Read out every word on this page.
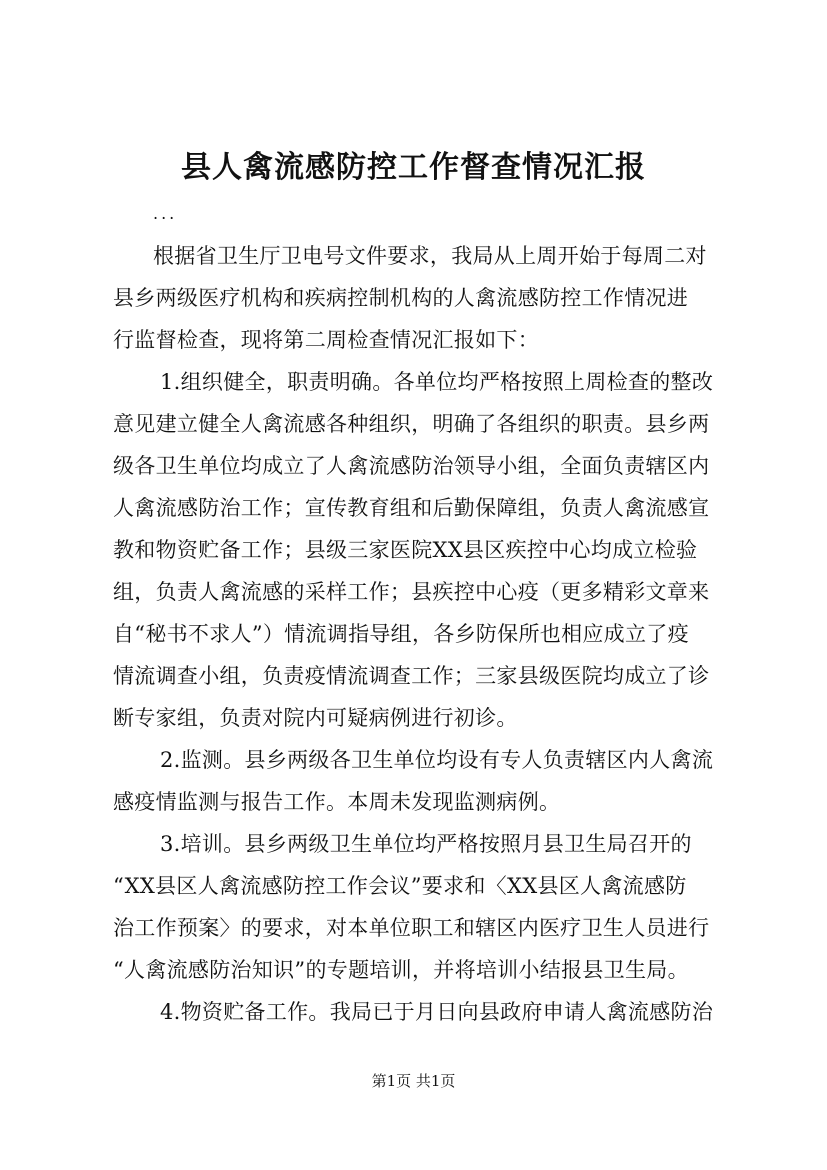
县人禽流感防控工作督查情况汇报
...
根据省卫生厅卫电号文件要求，我局从上周开始于每周二对
县乡两级医疗机构和疾病控制机构的人禽流感防控工作情况进
行监督检查，现将第二周检查情况汇报如下：
1.组织健全，职责明确。各单位均严格按照上周检查的整改
意见建立健全人禽流感各种组织，明确了各组织的职责。县乡两
级各卫生单位均成立了人禽流感防治领导小组，全面负责辖区内
人禽流感防治工作；宣传教育组和后勤保障组，负责人禽流感宣
教和物资贮备工作；县级三家医院XX县区疾控中心均成立检验
组，负责人禽流感的采样工作；县疾控中心疫（更多精彩文章来
自“秘书不求人”）情流调指导组，各乡防保所也相应成立了疫
情流调查小组，负责疫情流调查工作；三家县级医院均成立了诊
断专家组，负责对院内可疑病例进行初诊。
2.监测。县乡两级各卫生单位均设有专人负责辖区内人禽流
感疫情监测与报告工作。本周未发现监测病例。
3.培训。县乡两级卫生单位均严格按照月县卫生局召开的
“XX县区人禽流感防控工作会议”要求和〈XX县区人禽流感防
治工作预案〉的要求，对本单位职工和辖区内医疗卫生人员进行
“人禽流感防治知识”的专题培训，并将培训小结报县卫生局。
4.物资贮备工作。我局已于月日向县政府申请人禽流感防治
第1页 共1页
